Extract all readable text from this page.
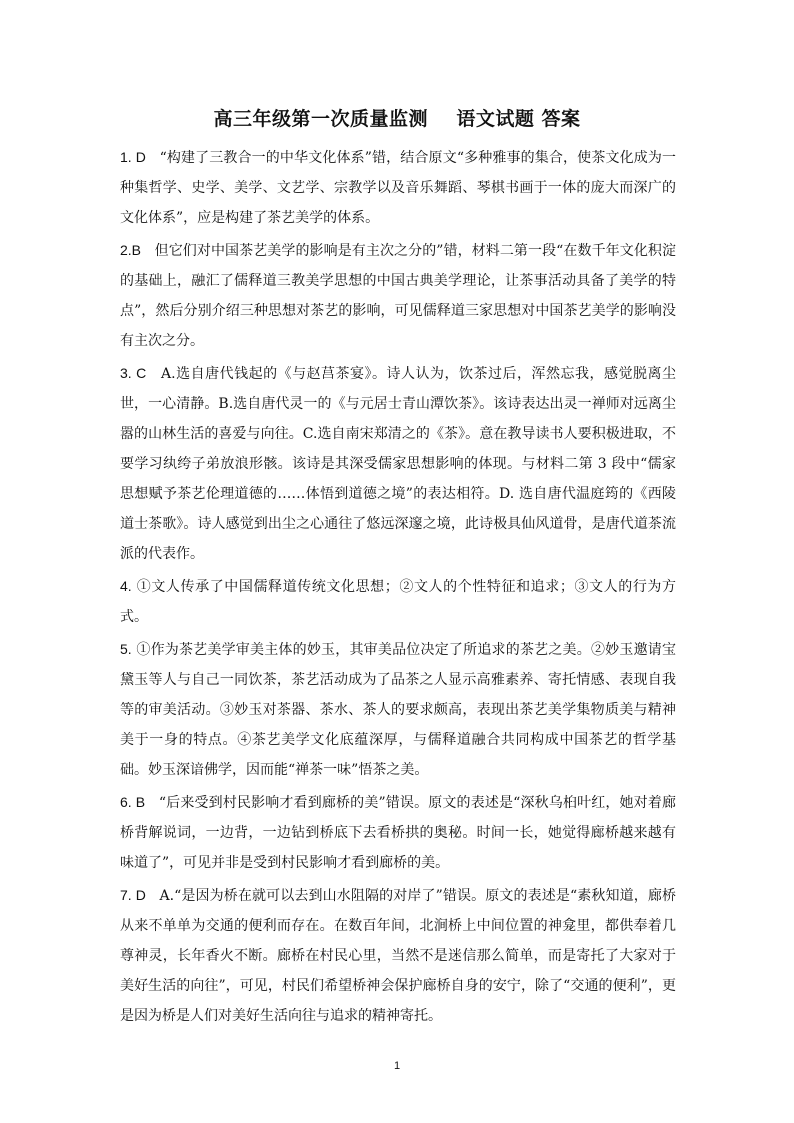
高三年级第一次质量监测    语文试题 答案

1. D “构建了三教合一的中华文化体系”错，结合原文“多种雅事的集合，使茶文化成为一种集哲学、史学、美学、文艺学、宗教学以及音乐舞蹈、琴棋书画于一体的庞大而深广的文化体系”，应是构建了茶艺美学的体系。

2.B 但它们对中国茶艺美学的影响是有主次之分的”错，材料二第一段“在数千年文化积淀的基础上，融汇了儒释道三教美学思想的中国古典美学理论，让茶事活动具备了美学的特点”，然后分别介绍三种思想对茶艺的影响，可见儒释道三家思想对中国茶艺美学的影响没有主次之分。

3. C A.选自唐代钱起的《与赵莒茶宴》。诗人认为，饮茶过后，浑然忘我，感觉脱离尘世，一心清静。B.选自唐代灵一的《与元居士青山潭饮茶》。该诗表达出灵一禅师对远离尘嚣的山林生活的喜爱与向往。C.选自南宋郑清之的《茶》。意在教导读书人要积极进取，不要学习纨绔子弟放浪形骸。该诗是其深受儒家思想影响的体现。与材料二第 3 段中“儒家思想赋予茶艺伦理道德的……体悟到道德之境”的表达相符。D. 选自唐代温庭筠的《西陵道士茶歌》。诗人感觉到出尘之心通往了悠远深邃之境，此诗极具仙风道骨，是唐代道茶流派的代表作。

4. ①文人传承了中国儒释道传统文化思想；②文人的个性特征和追求；③文人的行为方式。

5. ①作为茶艺美学审美主体的妙玉，其审美品位决定了所追求的茶艺之美。②妙玉邀请宝黛玉等人与自己一同饮茶，茶艺活动成为了品茶之人显示高雅素养、寄托情感、表现自我等的审美活动。③妙玉对茶器、茶水、茶人的要求颇高，表现出茶艺美学集物质美与精神美于一身的特点。④茶艺美学文化底蕴深厚，与儒释道融合共同构成中国茶艺的哲学基础。妙玉深谙佛学，因而能“禅茶一味”悟茶之美。

6. B “后来受到村民影响才看到廊桥的美”错误。原文的表述是“深秋乌桕叶红，她对着廊桥背解说词，一边背，一边钻到桥底下去看桥拱的奥秘。时间一长，她觉得廊桥越来越有味道了”，可见并非是受到村民影响才看到廊桥的美。

7. D A.“是因为桥在就可以去到山水阻隔的对岸了”错误。原文的表述是“素秋知道，廊桥从来不单单为交通的便利而存在。在数百年间，北涧桥上中间位置的神龛里，都供奉着几尊神灵，长年香火不断。廊桥在村民心里，当然不是迷信那么简单，而是寄托了大家对于美好生活的向往”，可见，村民们希望桥神会保护廊桥自身的安宁，除了“交通的便利”，更是因为桥是人们对美好生活向往与追求的精神寄托。

1
